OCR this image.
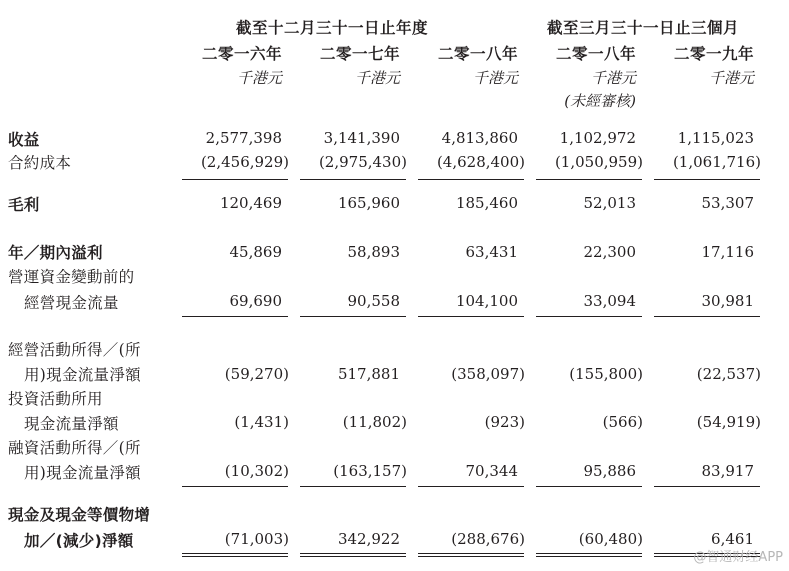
截至十二月三十一日止年度	截至三月三十一日止三個月
二零一六年 二零一七年 二零一八年 二零一八年 二零一九年
千港元	千港元	千港元	千港元	千港元
(未經審核)
收益	2,577,398	3,141,390	4,813,860	1,102,972	1,115,023
合約成本	(2,456,929) (2,975,430) (4,628,400) (1,050,959) (1,061,716)
毛利	120,469	165,960	185,460	52,013	53,307
年／期內溢利	45,869	58,893	63,431	22,300	17,116
營運資金變動前的
經營現金流量	69,690	90,558	104,100	33,094	30,981
經營活動所得／(所
用)現金流量淨額	(59,270)	517,881	(358,097)	(155,800)	(22,537)
投資活動所用
現金流量淨額	(1,431)	(11,802)	(923)	(566)	(54,919)
融資活動所得／(所
用)現金流量淨額	(10,302)	(163,157)	70,344	95,886	83,917
現金及現金等價物增
加／(減少)淨額	(71,003)	342,922	(288,676)	(60,480)	6,461
@智通财经APP
